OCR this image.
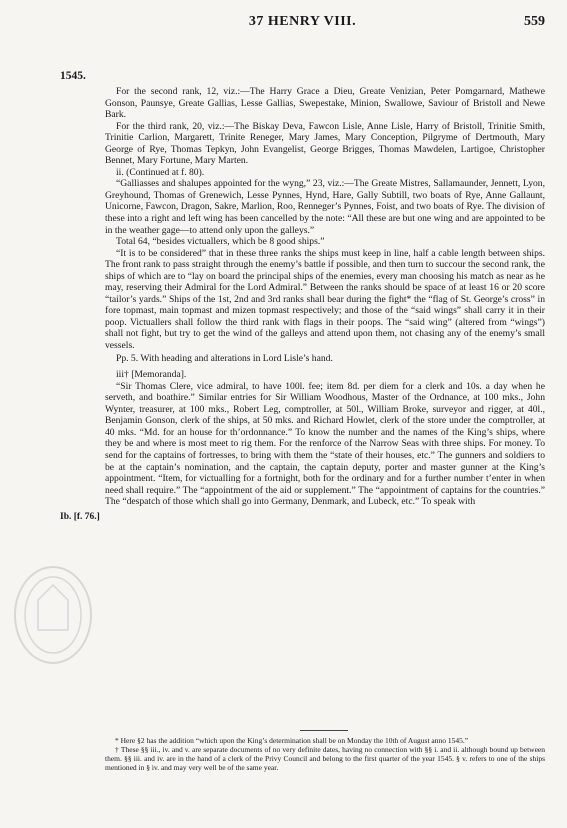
37 HENRY VIII.	559
1545.
Ib. [f. 76.]

For the second rank, 12, viz.:—The Harry Grace a Dieu, Greate Venizian, Peter Pomgarnard, Mathewe Gonson, Paunsye, Greate Gallias, Lesse Gallias, Swepestake, Minion, Swallowe, Saviour of Bristoll and Newe Bark.

For the third rank, 20, viz.:—The Biskay Deva, Fawcon Lisle, Anne Lisle, Harry of Bristoll, Trinitie Smith, Trinitie Carlion, Margarett, Trinite Reneger, Mary James, Mary Conception, Pilgryme of Dertmouth, Mary George of Rye, Thomas Tepkyn, John Evangelist, George Brigges, Thomas Mawdelen, Lartigoe, Christopher Bennet, Mary Fortune, Mary Marten.

ii. (Continued at f. 80).

“Galliasses and shalupes appointed for the wyng,” 23, viz.:—The Greate Mistres, Sallamaunder, Jennett, Lyon, Greyhound, Thomas of Grenewich, Lesse Pynnes, Hynd, Hare, Gally Subtill, two boats of Rye, Anne Gallaunt, Unicorne, Fawcon, Dragon, Sakre, Marlion, Roo, Renneger’s Pynnes, Foist, and two boats of Rye. The division of these into a right and left wing has been cancelled by the note: “All these are but one wing and are appointed to be in the weather gage—to attend only upon the galleys.”

Total 64, “besides victuallers, which be 8 good ships.”

“It is to be considered” that in these three ranks the ships must keep in line, half a cable length between ships. The front rank to pass straight through the enemy’s battle if possible, and then turn to succour the second rank, the ships of which are to “lay on board the principal ships of the enemies, every man choosing his match as near as he may, reserving their Admiral for the Lord Admiral.” Between the ranks should be space of at least 16 or 20 score “tailor’s yards.” Ships of the 1st, 2nd and 3rd ranks shall bear during the fight* the “flag of St. George’s cross” in fore topmast, main topmast and mizen topmast respectively; and those of the “said wings” shall carry it in their poop. Victuallers shall follow the third rank with flags in their poops. The “said wing” (altered from “wings”) shall not fight, but try to get the wind of the galleys and attend upon them, not chasing any of the enemy’s small vessels.

Pp. 5. With heading and alterations in Lord Lisle’s hand.

iii† [Memoranda].

“Sir Thomas Clere, vice admiral, to have 100l. fee; item 8d. per diem for a clerk and 10s. a day when he serveth, and boathire.” Similar entries for Sir William Woodhous, Master of the Ordnance, at 100 mks., John Wynter, treasurer, at 100 mks., Robert Leg, comptroller, at 50l., William Broke, surveyor and rigger, at 40l., Benjamin Gonson, clerk of the ships, at 50 mks. and Richard Howlet, clerk of the store under the comptroller, at 40 mks. “Md. for an house for th’ordonnance.” To know the number and the names of the King’s ships, where they be and where is most meet to rig them. For the renforce of the Narrow Seas with three ships. For money. To send for the captains of fortresses, to bring with them the “state of their houses, etc.” The gunners and soldiers to be at the captain’s nomination, and the captain, the captain deputy, porter and master gunner at the King’s appointment. “Item, for victualling for a fortnight, both for the ordinary and for a further number t’enter in when need shall require.” The “appointment of the aid or supplement.” The “appointment of captains for the countries.” The “despatch of those which shall go into Germany, Denmark, and Lubeck, etc.” To speak with

* Here §2 has the addition “which upon the King’s determination shall be on Monday the 10th of August anno 1545.”

† These §§ iii., iv. and v. are separate documents of no very definite dates, having no connection with §§ i. and ii. although bound up between them. §§ iii. and iv. are in the hand of a clerk of the Privy Council and belong to the first quarter of the year 1545. § v. refers to one of the ships mentioned in § iv. and may very well be of the same year.
